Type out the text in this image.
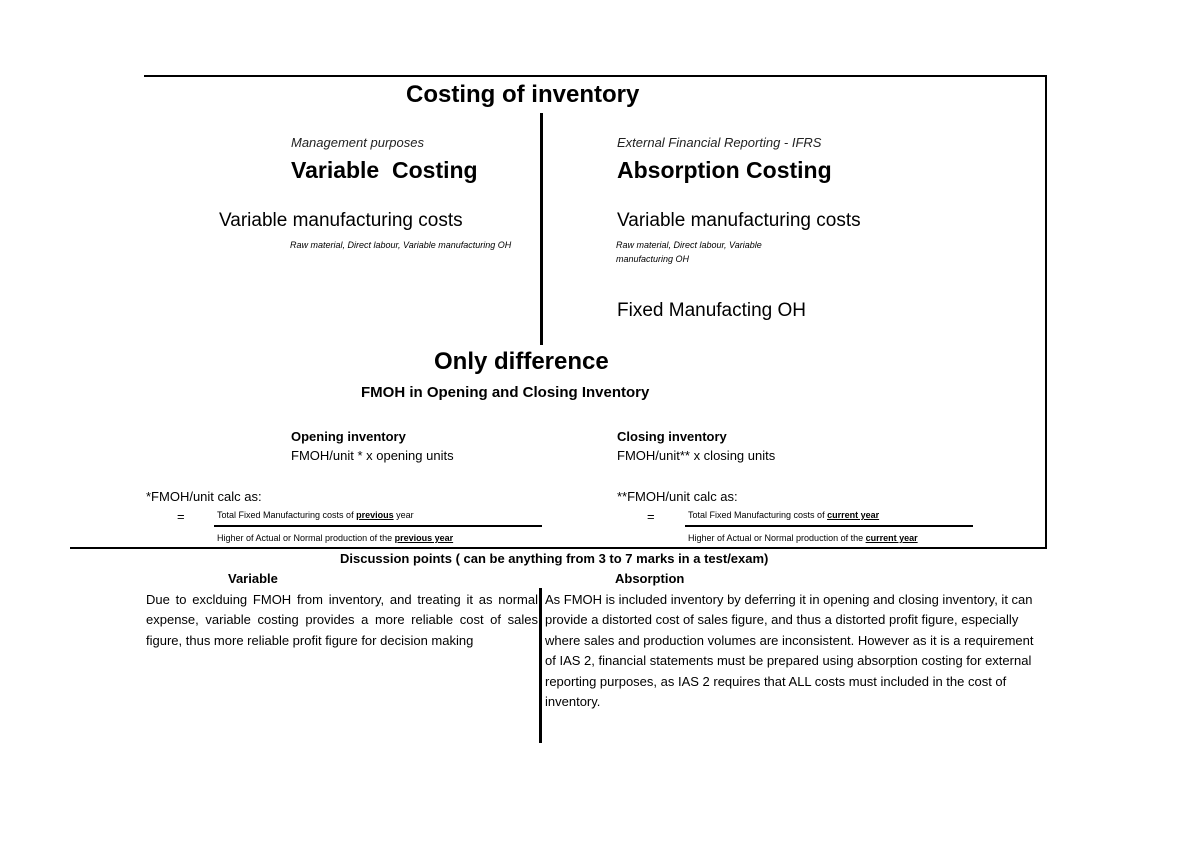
Costing of inventory
Management purposes
Variable  Costing
Variable manufacturing costs
Raw material, Direct labour, Variable manufacturing OH
External Financial Reporting - IFRS
Absorption Costing
Variable manufacturing costs
Raw material, Direct labour, Variable manufacturing OH
Fixed Manufacting OH
Only difference
FMOH in Opening and Closing Inventory
Opening inventory
FMOH/unit * x opening units
Closing inventory
FMOH/unit** x closing units
*FMOH/unit calc as:
=	Total Fixed Manufacturing costs of previous year
Higher of Actual or Normal production of the previous year
**FMOH/unit calc as:
=	Total Fixed Manufacturing costs of current year
Higher of Actual or Normal production of the current year
Discussion points ( can be anything from 3 to 7 marks in a test/exam)
Variable	Absorption
Due to exclduing FMOH from inventory, and treating it as normal expense, variable costing provides a more reliable cost of sales figure, thus more reliable profit figure for decision making
As FMOH is included inventory by deferring it in opening and closing inventory, it can provide a distorted cost of sales figure, and thus a distorted profit figure, especially where sales and production volumes are inconsistent. However as it is a requirement of IAS 2, financial statements must be prepared using absorption costing for external reporting purposes, as IAS 2 requires that ALL costs must included in the cost of inventory.
